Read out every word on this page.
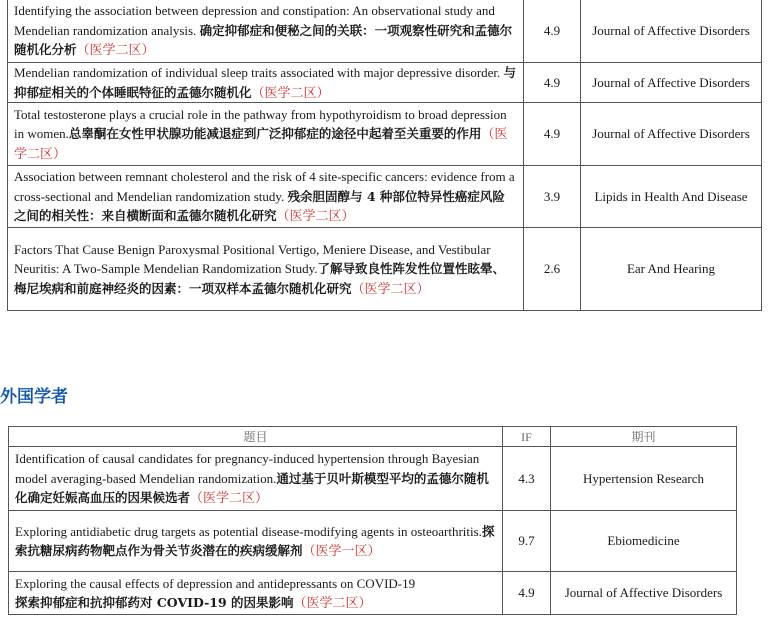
Identifying the association between depression and constipation: An observational study and Mendelian randomization analysis. 确定抑郁症和便秘之间的关联：一项观察性研究和孟德尔随机化分析（医学二区）	4.9	Journal of Affective Disorders
Mendelian randomization of individual sleep traits associated with major depressive disorder. 与抑郁症相关的个体睡眠特征的孟德尔随机化（医学二区）	4.9	Journal of Affective Disorders
Total testosterone plays a crucial role in the pathway from hypothyroidism to broad depression in women.总睾酮在女性甲状腺功能减退症到广泛抑郁症的途径中起着至关重要的作用（医学二区）	4.9	Journal of Affective Disorders
Association between remnant cholesterol and the risk of 4 site-specific cancers: evidence from a cross-sectional and Mendelian randomization study. 残余胆固醇与 4 种部位特异性癌症风险之间的相关性：来自横断面和孟德尔随机化研究（医学二区）	3.9	Lipids in Health And Disease
Factors That Cause Benign Paroxysmal Positional Vertigo, Meniere Disease, and Vestibular Neuritis: A Two-Sample Mendelian Randomization Study.了解导致良性阵发性位置性眩晕、梅尼埃病和前庭神经炎的因素：一项双样本孟德尔随机化研究（医学二区）	2.6	Ear And Hearing
外国学者
题目	IF	期刊
Identification of causal candidates for pregnancy-induced hypertension through Bayesian model averaging-based Mendelian randomization.通过基于贝叶斯模型平均的孟德尔随机化确定妊娠高血压的因果候选者（医学二区）	4.3	Hypertension Research
Exploring antidiabetic drug targets as potential disease-modifying agents in osteoarthritis.探索抗糖尿病药物靶点作为骨关节炎潜在的疾病缓解剂（医学一区）	9.7	Ebiomedicine
Exploring the causal effects of depression and antidepressants on COVID-19
探索抑郁症和抗抑郁药对 COVID-19 的因果影响（医学二区）	4.9	Journal of Affective Disorders
